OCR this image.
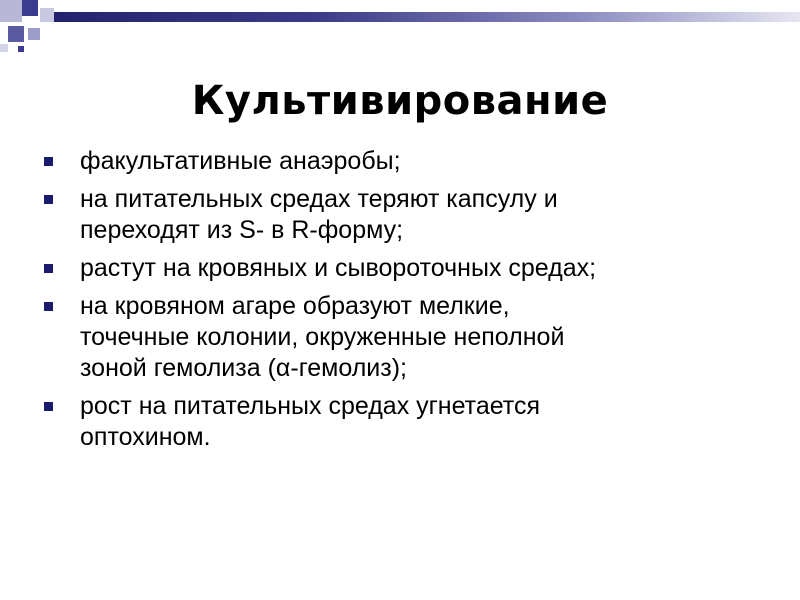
Культивирование
факультативные анаэробы;
на питательных средах теряют капсулу и
переходят из S- в R-форму;
растут на кровяных и сывороточных средах;
на кровяном агаре образуют мелкие,
точечные колонии, окруженные неполной
зоной гемолиза (α-гемолиз);
рост на питательных средах угнетается
оптохином.
